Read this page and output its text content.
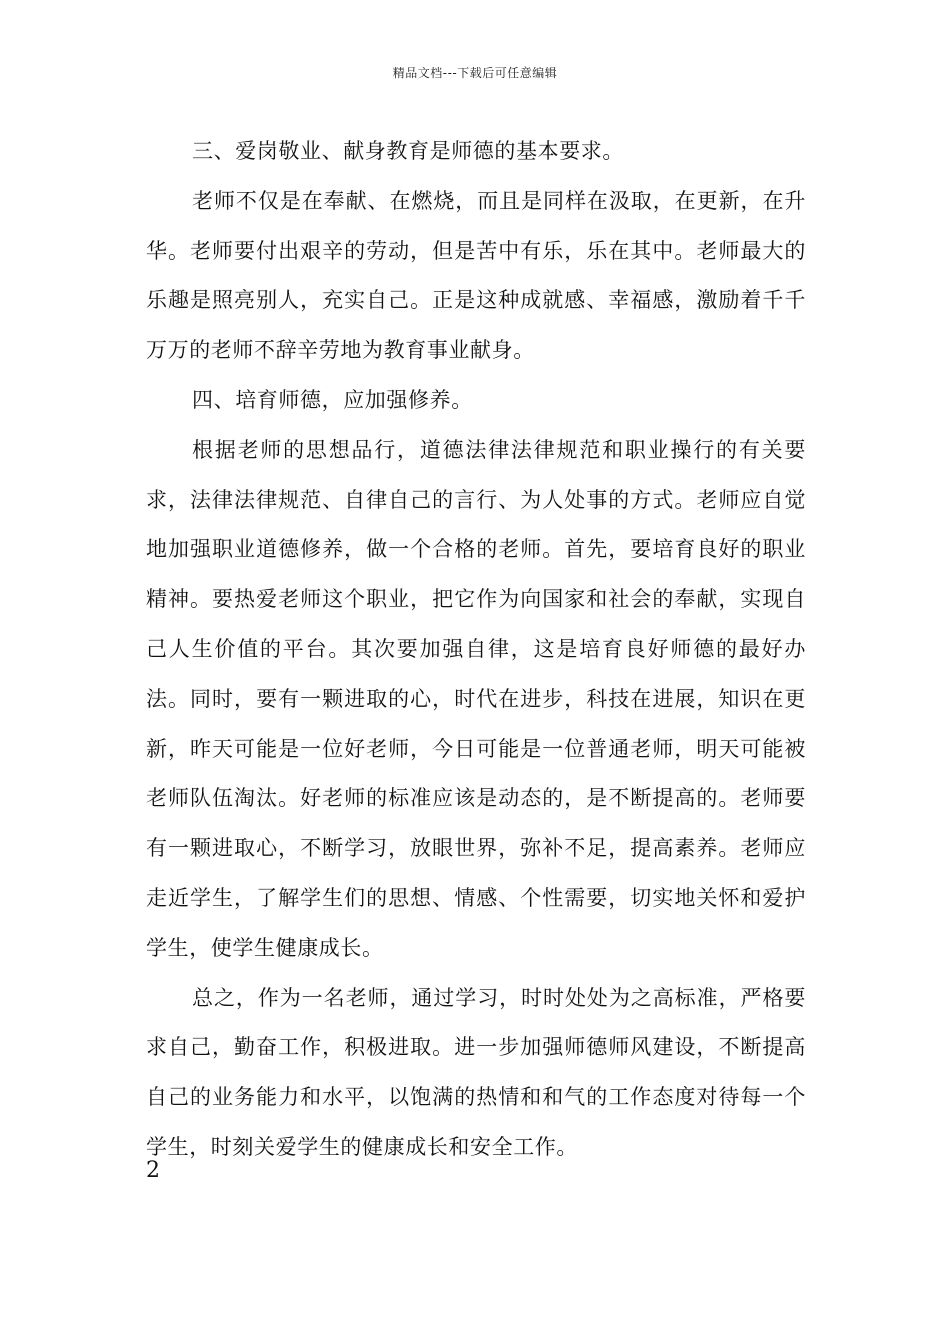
精品文档---下载后可任意编辑

三、爱岗敬业、献身教育是师德的基本要求。

老师不仅是在奉献、在燃烧，而且是同样在汲取，在更新，在升华。老师要付出艰辛的劳动，但是苦中有乐，乐在其中。老师最大的乐趣是照亮别人，充实自己。正是这种成就感、幸福感，激励着千千万万的老师不辞辛劳地为教育事业献身。

四、培育师德，应加强修养。

根据老师的思想品行，道德法律法律规范和职业操行的有关要求，法律法律规范、自律自己的言行、为人处事的方式。老师应自觉地加强职业道德修养，做一个合格的老师。首先，要培育良好的职业精神。要热爱老师这个职业，把它作为向国家和社会的奉献，实现自己人生价值的平台。其次要加强自律，这是培育良好师德的最好办法。同时，要有一颗进取的心，时代在进步，科技在进展，知识在更新，昨天可能是一位好老师，今日可能是一位普通老师，明天可能被老师队伍淘汰。好老师的标准应该是动态的，是不断提高的。老师要有一颗进取心，不断学习，放眼世界，弥补不足，提高素养。老师应走近学生，了解学生们的思想、情感、个性需要，切实地关怀和爱护学生，使学生健康成长。

总之，作为一名老师，通过学习，时时处处为之高标准，严格要求自己，勤奋工作，积极进取。进一步加强师德师风建设，不断提高自己的业务能力和水平，以饱满的热情和和气的工作态度对待每一个学生，时刻关爱学生的健康成长和安全工作。

2
